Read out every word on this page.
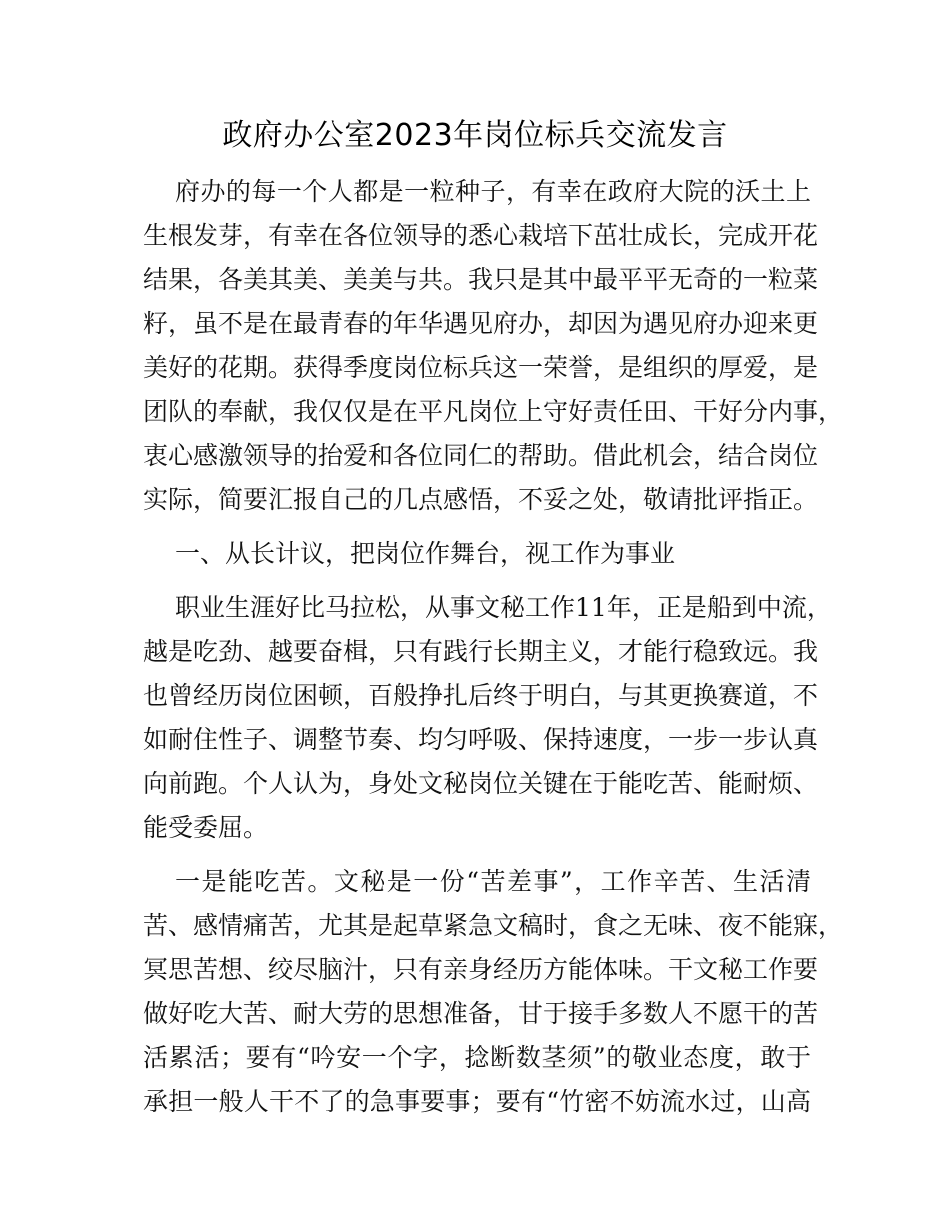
政府办公室2023年岗位标兵交流发言
府办的每一个人都是一粒种子，有幸在政府大院的沃土上
生根发芽，有幸在各位领导的悉心栽培下茁壮成长，完成开花
结果，各美其美、美美与共。我只是其中最平平无奇的一粒菜
籽，虽不是在最青春的年华遇见府办，却因为遇见府办迎来更
美好的花期。获得季度岗位标兵这一荣誉，是组织的厚爱，是
团队的奉献，我仅仅是在平凡岗位上守好责任田、干好分内事，
衷心感激领导的抬爱和各位同仁的帮助。借此机会，结合岗位
实际，简要汇报自己的几点感悟，不妥之处，敬请批评指正。
一、从长计议，把岗位作舞台，视工作为事业
职业生涯好比马拉松，从事文秘工作11年，正是船到中流，
越是吃劲、越要奋楫，只有践行长期主义，才能行稳致远。我
也曾经历岗位困顿，百般挣扎后终于明白，与其更换赛道，不
如耐住性子、调整节奏、均匀呼吸、保持速度，一步一步认真
向前跑。个人认为，身处文秘岗位关键在于能吃苦、能耐烦、
能受委屈。
一是能吃苦。文秘是一份“苦差事”，工作辛苦、生活清
苦、感情痛苦，尤其是起草紧急文稿时，食之无味、夜不能寐，
冥思苦想、绞尽脑汁，只有亲身经历方能体味。干文秘工作要
做好吃大苦、耐大劳的思想准备，甘于接手多数人不愿干的苦
活累活；要有“吟安一个字，捻断数茎须”的敬业态度，敢于
承担一般人干不了的急事要事；要有“竹密不妨流水过，山高
